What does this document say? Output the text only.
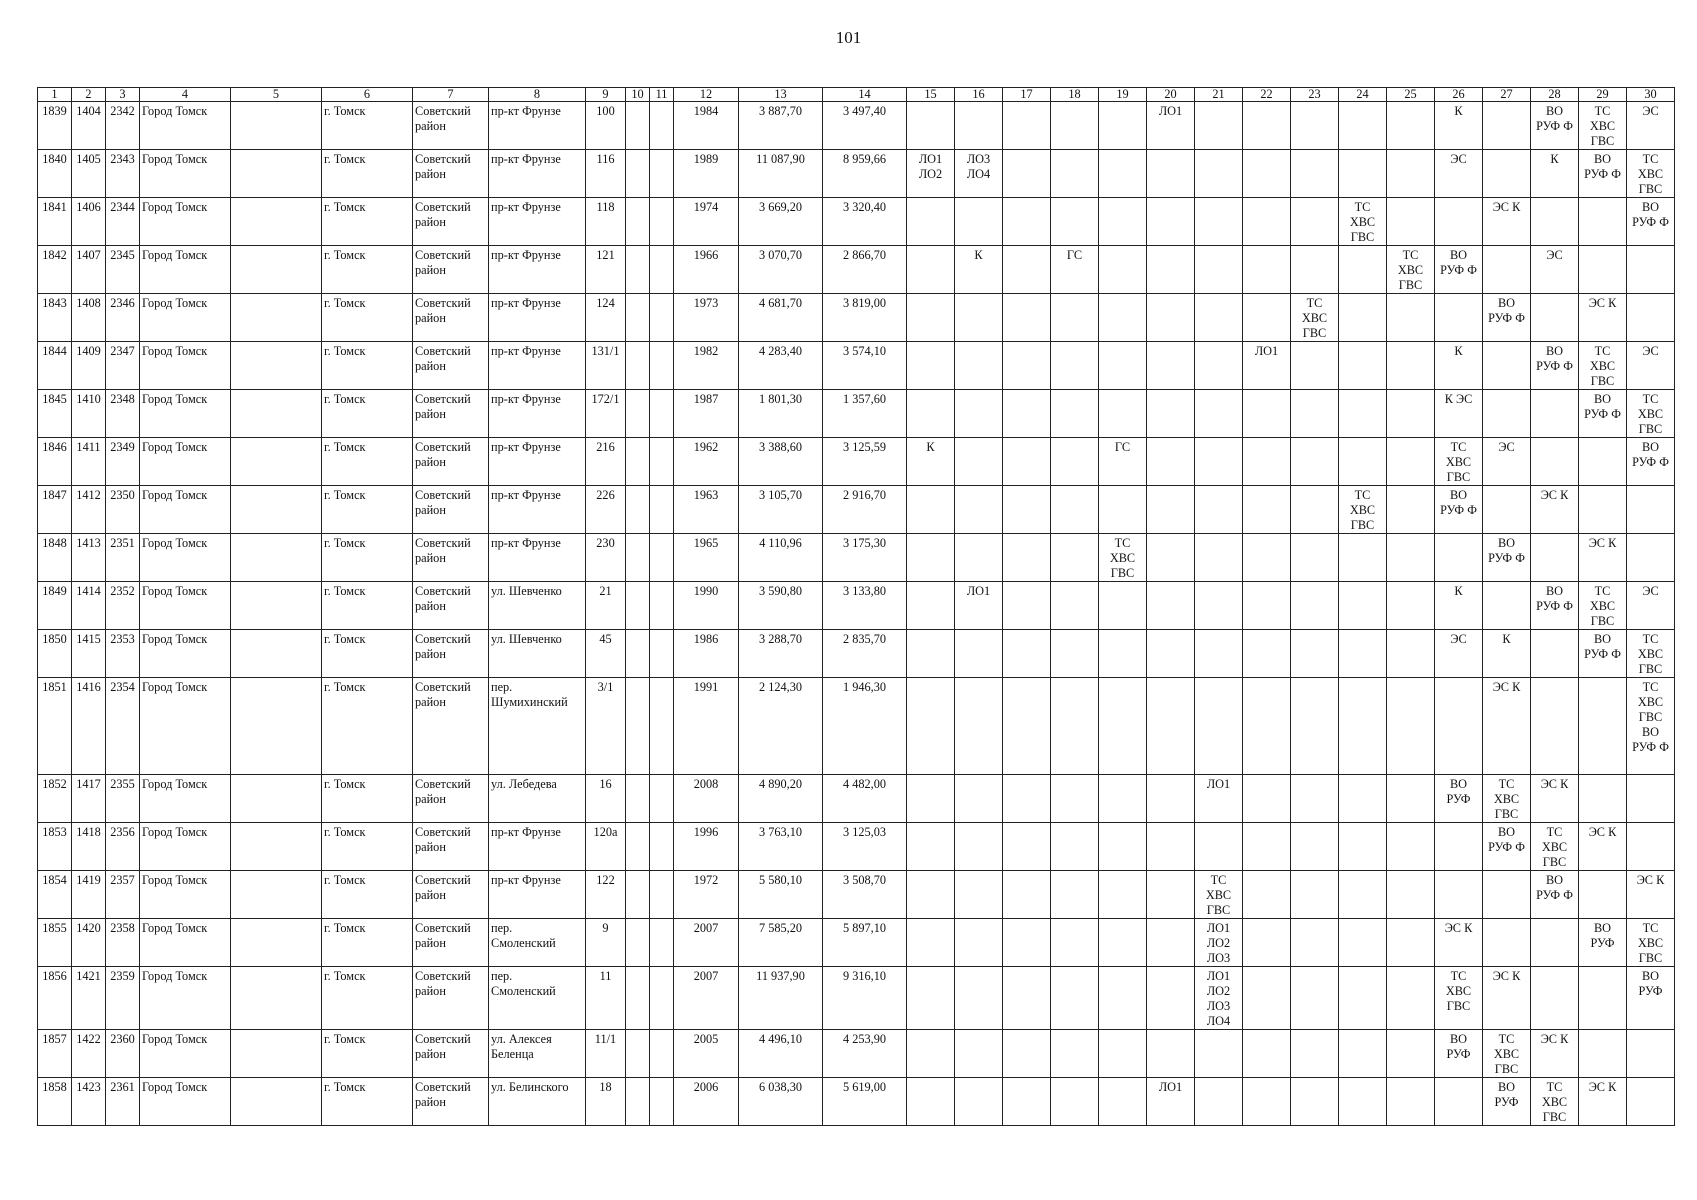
101
1	2	3	4	5	6	7	8	9	10	11	12	13	14	15	16	17	18	19	20	21	22	23	24	25	26	27	28	29	30
1839	1404	2342	Город Томск		г. Томск	Советский
район	пр-кт Фрунзе	100			1984	3 887,70	3 497,40						ЛО1						К		ВО
РУФ Ф	ТС
ХВС
ГВС	ЭС
1840	1405	2343	Город Томск		г. Томск	Советский
район	пр-кт Фрунзе	116			1989	11 087,90	8 959,66	ЛО1
ЛО2	ЛО3
ЛО4										ЭС		К	ВО
РУФ Ф	ТС
ХВС
ГВС
1841	1406	2344	Город Томск		г. Томск	Советский
район	пр-кт Фрунзе	118			1974	3 669,20	3 320,40										ТС
ХВС
ГВС			ЭС К			ВО
РУФ Ф
1842	1407	2345	Город Томск		г. Томск	Советский
район	пр-кт Фрунзе	121			1966	3 070,70	2 866,70		К		ГС							ТС
ХВС
ГВС	ВО
РУФ Ф		ЭС		
1843	1408	2346	Город Томск		г. Томск	Советский
район	пр-кт Фрунзе	124			1973	4 681,70	3 819,00									ТС
ХВС
ГВС				ВО
РУФ Ф		ЭС К	
1844	1409	2347	Город Томск		г. Томск	Советский
район	пр-кт Фрунзе	131/1			1982	4 283,40	3 574,10								ЛО1				К		ВО
РУФ Ф	ТС
ХВС
ГВС	ЭС
1845	1410	2348	Город Томск		г. Томск	Советский
район	пр-кт Фрунзе	172/1			1987	1 801,30	1 357,60												К ЭС			ВО
РУФ Ф	ТС
ХВС
ГВС
1846	1411	2349	Город Томск		г. Томск	Советский
район	пр-кт Фрунзе	216			1962	3 388,60	3 125,59	К				ГС							ТС
ХВС
ГВС	ЭС			ВО
РУФ Ф
1847	1412	2350	Город Томск		г. Томск	Советский
район	пр-кт Фрунзе	226			1963	3 105,70	2 916,70										ТС
ХВС
ГВС		ВО
РУФ Ф		ЭС К		
1848	1413	2351	Город Томск		г. Томск	Советский
район	пр-кт Фрунзе	230			1965	4 110,96	3 175,30					ТС
ХВС
ГВС								ВО
РУФ Ф		ЭС К	
1849	1414	2352	Город Томск		г. Томск	Советский
район	ул. Шевченко	21			1990	3 590,80	3 133,80		ЛО1										К		ВО
РУФ Ф	ТС
ХВС
ГВС	ЭС
1850	1415	2353	Город Томск		г. Томск	Советский
район	ул. Шевченко	45			1986	3 288,70	2 835,70												ЭС	К		ВО
РУФ Ф	ТС
ХВС
ГВС
1851	1416	2354	Город Томск		г. Томск	Советский
район	пер.
Шумихинский	3/1			1991	2 124,30	1 946,30													ЭС К			ТС
ХВС
ГВС
ВО
РУФ Ф
1852	1417	2355	Город Томск		г. Томск	Советский
район	ул. Лебедева	16			2008	4 890,20	4 482,00							ЛО1					ВО
РУФ	ТС
ХВС
ГВС	ЭС К		
1853	1418	2356	Город Томск		г. Томск	Советский
район	пр-кт Фрунзе	120а			1996	3 763,10	3 125,03													ВО
РУФ Ф	ТС
ХВС
ГВС	ЭС К	
1854	1419	2357	Город Томск		г. Томск	Советский
район	пр-кт Фрунзе	122			1972	5 580,10	3 508,70							ТС
ХВС
ГВС							ВО
РУФ Ф		ЭС К
1855	1420	2358	Город Томск		г. Томск	Советский
район	пер.
Смоленский	9			2007	7 585,20	5 897,10							ЛО1
ЛО2
ЛО3					ЭС К			ВО
РУФ	ТС
ХВС
ГВС
1856	1421	2359	Город Томск		г. Томск	Советский
район	пер.
Смоленский	11			2007	11 937,90	9 316,10							ЛО1
ЛО2
ЛО3
ЛО4					ТС
ХВС
ГВС	ЭС К			ВО
РУФ
1857	1422	2360	Город Томск		г. Томск	Советский
район	ул. Алексея
Беленца	11/1			2005	4 496,10	4 253,90												ВО
РУФ	ТС
ХВС
ГВС	ЭС К		
1858	1423	2361	Город Томск		г. Томск	Советский
район	ул. Белинского	18			2006	6 038,30	5 619,00						ЛО1							ВО
РУФ	ТС
ХВС
ГВС	ЭС К	
